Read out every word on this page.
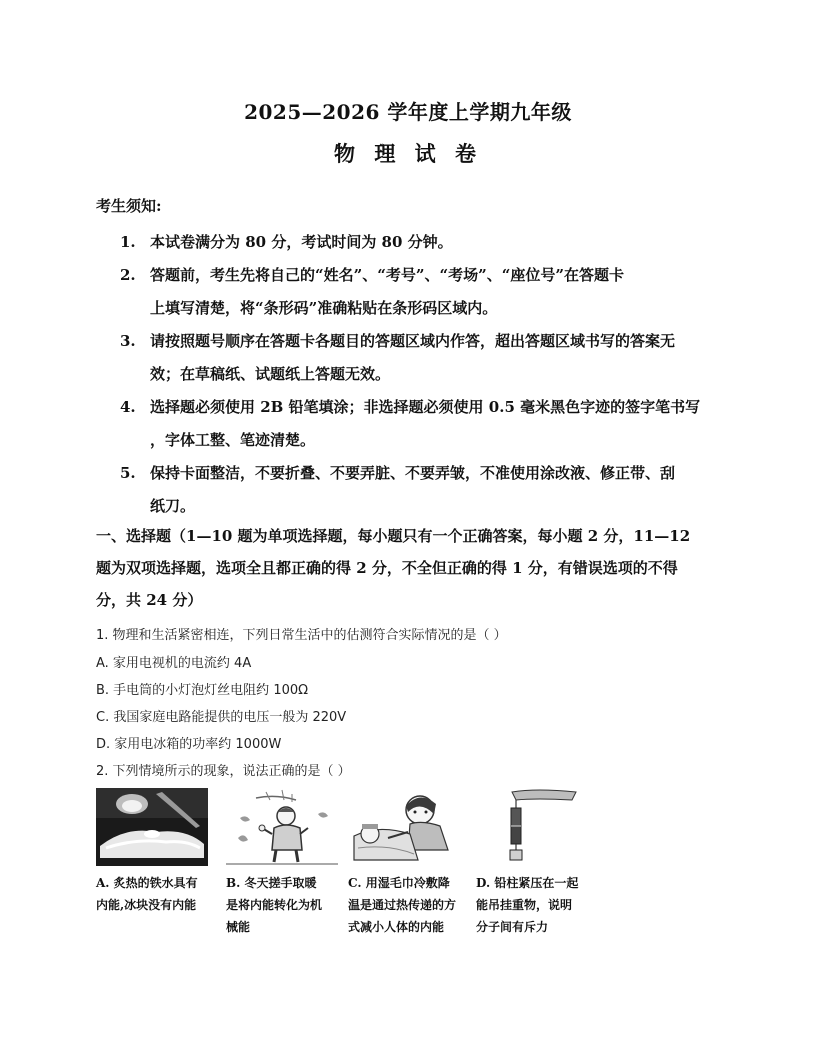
2025—2026 学年度上学期九年级
物 理 试 卷
考生须知:
1. 本试卷满分为 80 分，考试时间为 80 分钟。
2. 答题前，考生先将自己的“姓名”、“考号”、“考场”、“座位号”在答题卡
上填写清楚，将“条形码”准确粘贴在条形码区域内。
3. 请按照题号顺序在答题卡各题目的答题区域内作答，超出答题区域书写的答案无
效；在草稿纸、试题纸上答题无效。
4. 选择题必须使用 2B 铅笔填涂；非选择题必须使用 0.5 毫米黑色字迹的签字笔书写
，字体工整、笔迹清楚。
5. 保持卡面整洁，不要折叠、不要弄脏、不要弄皱，不准使用涂改液、修正带、刮
纸刀。
一、选择题（1—10 题为单项选择题，每小题只有一个正确答案，每小题 2 分，11—12
题为双项选择题，选项全且都正确的得 2 分，不全但正确的得 1 分，有错误选项的不得
分，共 24 分）
1. 物理和生活紧密相连，下列日常生活中的估测符合实际情况的是（ ）
A. 家用电视机的电流约 4A
B. 手电筒的小灯泡灯丝电阻约 100Ω
C. 我国家庭电路能提供的电压一般为 220V
D. 家用电冰箱的功率约 1000W
2. 下列情境所示的现象，说法正确的是（ ）
A. 炙热的铁水具有
内能,冰块没有内能
B. 冬天搓手取暖
是将内能转化为机
械能
C. 用湿毛巾冷敷降
温是通过热传递的方
式减小人体的内能
D. 铅柱紧压在一起
能吊挂重物，说明
分子间有斥力
